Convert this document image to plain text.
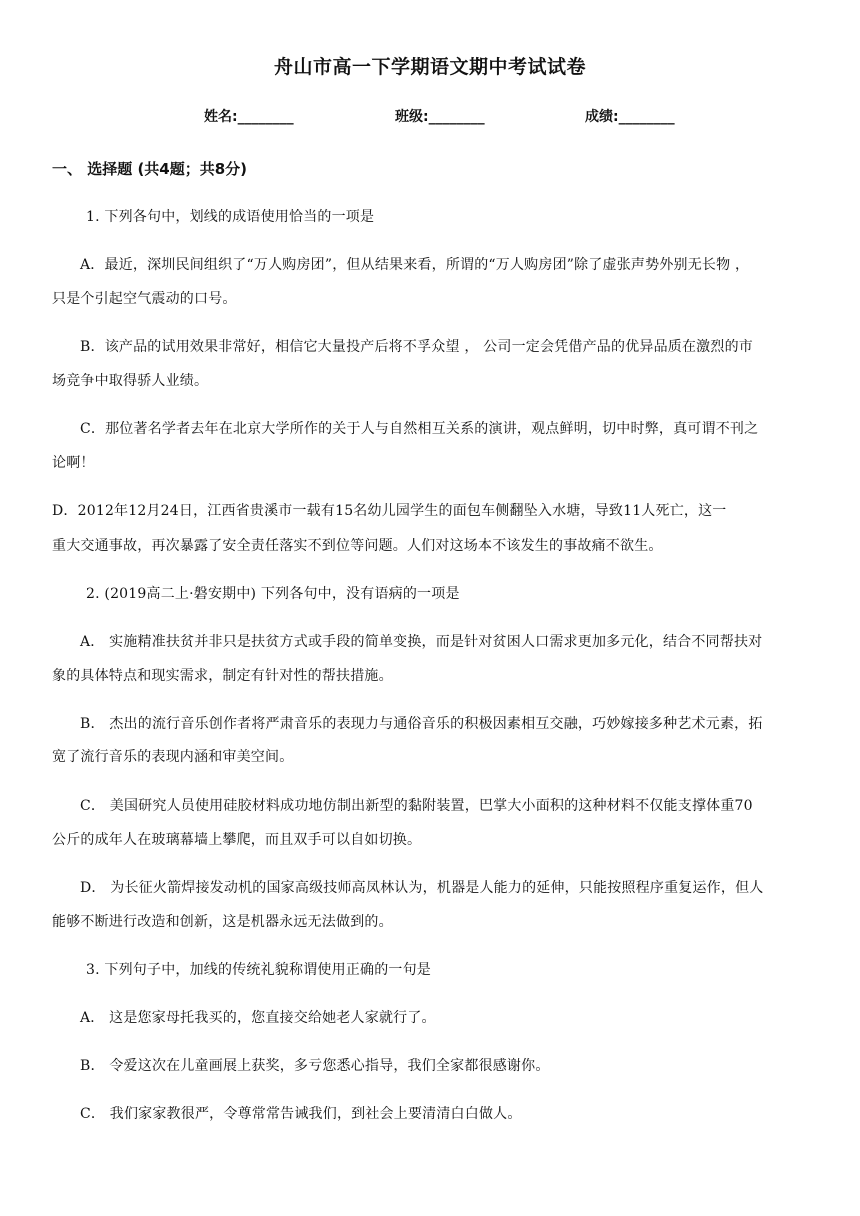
舟山市高一下学期语文期中考试试卷
姓名:________	班级:________	成绩:________
一、 选择题 (共4题；共8分)
1. 下列各句中，划线的成语使用恰当的一项是
A．最近，深圳民间组织了“万人购房团”，但从结果来看，所谓的“万人购房团”除了虚张声势外别无长物 ，
只是个引起空气震动的口号。
B．该产品的试用效果非常好，相信它大量投产后将不孚众望 ， 公司一定会凭借产品的优异品质在激烈的市
场竞争中取得骄人业绩。
C．那位著名学者去年在北京大学所作的关于人与自然相互关系的演讲，观点鲜明，切中时弊，真可谓不刊之
论啊！
D．2012年12月24日，江西省贵溪市一载有15名幼儿园学生的面包车侧翻坠入水塘，导致11人死亡，这一
重大交通事故，再次暴露了安全责任落实不到位等问题。人们对这场本不该发生的事故痛不欲生。
2. (2019高二上·磐安期中) 下列各句中，没有语病的一项是
A． 实施精准扶贫并非只是扶贫方式或手段的简单变换，而是针对贫困人口需求更加多元化，结合不同帮扶对
象的具体特点和现实需求，制定有针对性的帮扶措施。
B． 杰出的流行音乐创作者将严肃音乐的表现力与通俗音乐的积极因素相互交融，巧妙嫁接多种艺术元素，拓
宽了流行音乐的表现内涵和审美空间。
C． 美国研究人员使用硅胶材料成功地仿制出新型的黏附装置，巴掌大小面积的这种材料不仅能支撑体重70
公斤的成年人在玻璃幕墙上攀爬，而且双手可以自如切换。
D． 为长征火箭焊接发动机的国家高级技师高凤林认为，机器是人能力的延伸，只能按照程序重复运作，但人
能够不断进行改造和创新，这是机器永远无法做到的。
3. 下列句子中，加线的传统礼貌称谓使用正确的一句是
A． 这是您家母托我买的，您直接交给她老人家就行了。
B． 令爱这次在儿童画展上获奖，多亏您悉心指导，我们全家都很感谢你。
C． 我们家家教很严，令尊常常告诫我们，到社会上要清清白白做人。
